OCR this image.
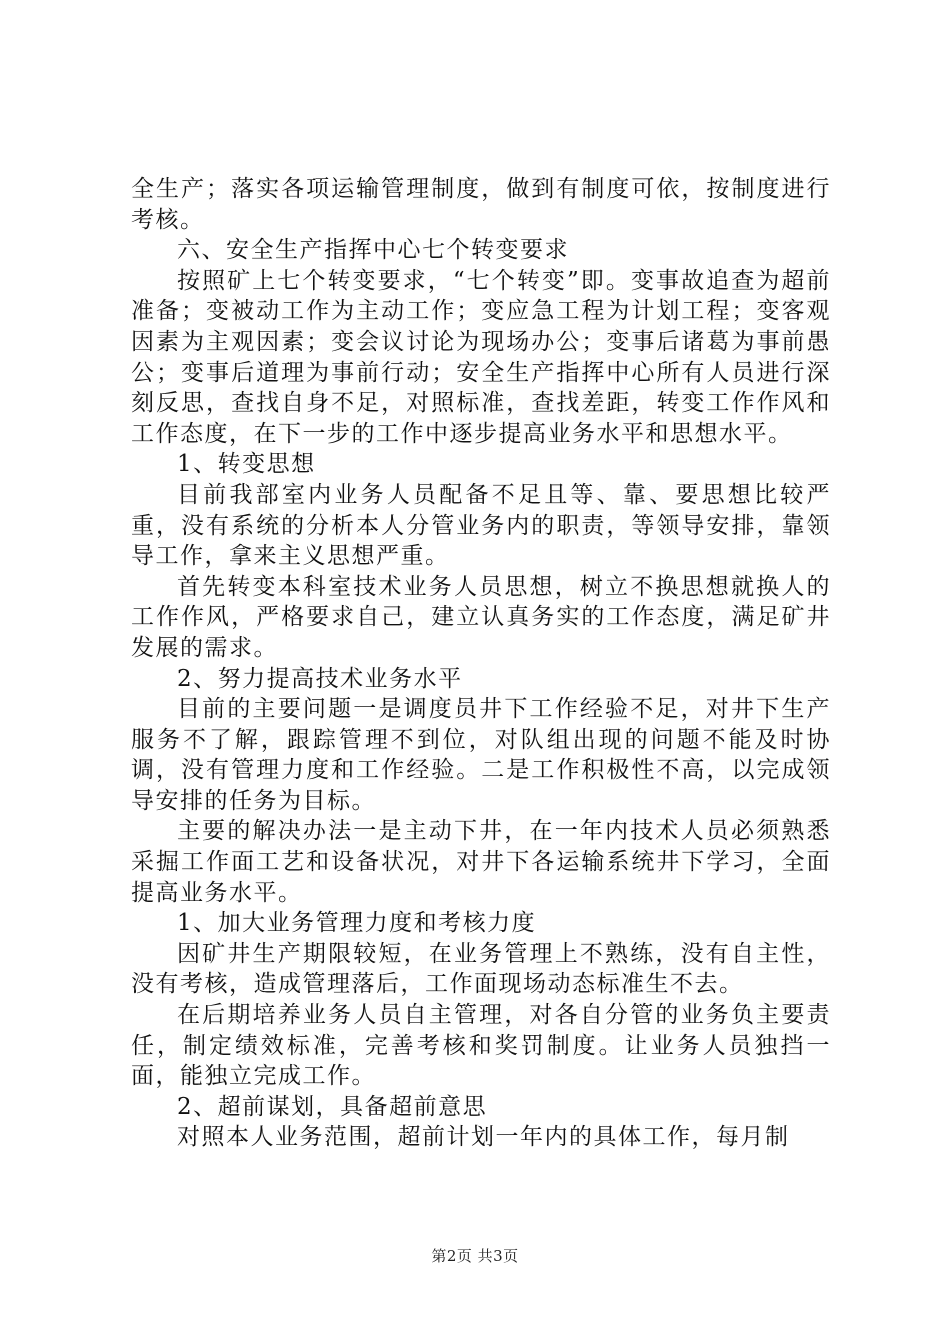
全生产；落实各项运输管理制度，做到有制度可依，按制度进行考核。

六、安全生产指挥中心七个转变要求

按照矿上七个转变要求，“七个转变”即。变事故追查为超前准备；变被动工作为主动工作；变应急工程为计划工程；变客观因素为主观因素；变会议讨论为现场办公；变事后诸葛为事前愚公；变事后道理为事前行动；安全生产指挥中心所有人员进行深刻反思，查找自身不足，对照标准，查找差距，转变工作作风和工作态度，在下一步的工作中逐步提高业务水平和思想水平。

1、转变思想

目前我部室内业务人员配备不足且等、靠、要思想比较严重，没有系统的分析本人分管业务内的职责，等领导安排，靠领导工作，拿来主义思想严重。

首先转变本科室技术业务人员思想，树立不换思想就换人的工作作风，严格要求自己，建立认真务实的工作态度，满足矿井发展的需求。

2、努力提高技术业务水平

目前的主要问题一是调度员井下工作经验不足，对井下生产服务不了解，跟踪管理不到位，对队组出现的问题不能及时协调，没有管理力度和工作经验。二是工作积极性不高，以完成领导安排的任务为目标。

主要的解决办法一是主动下井，在一年内技术人员必须熟悉采掘工作面工艺和设备状况，对井下各运输系统井下学习，全面提高业务水平。

1、加大业务管理力度和考核力度

因矿井生产期限较短，在业务管理上不熟练，没有自主性，没有考核，造成管理落后，工作面现场动态标准生不去。

在后期培养业务人员自主管理，对各自分管的业务负主要责任，制定绩效标准，完善考核和奖罚制度。让业务人员独挡一面，能独立完成工作。

2、超前谋划，具备超前意思

对照本人业务范围，超前计划一年内的具体工作，每月制

第2页 共3页
